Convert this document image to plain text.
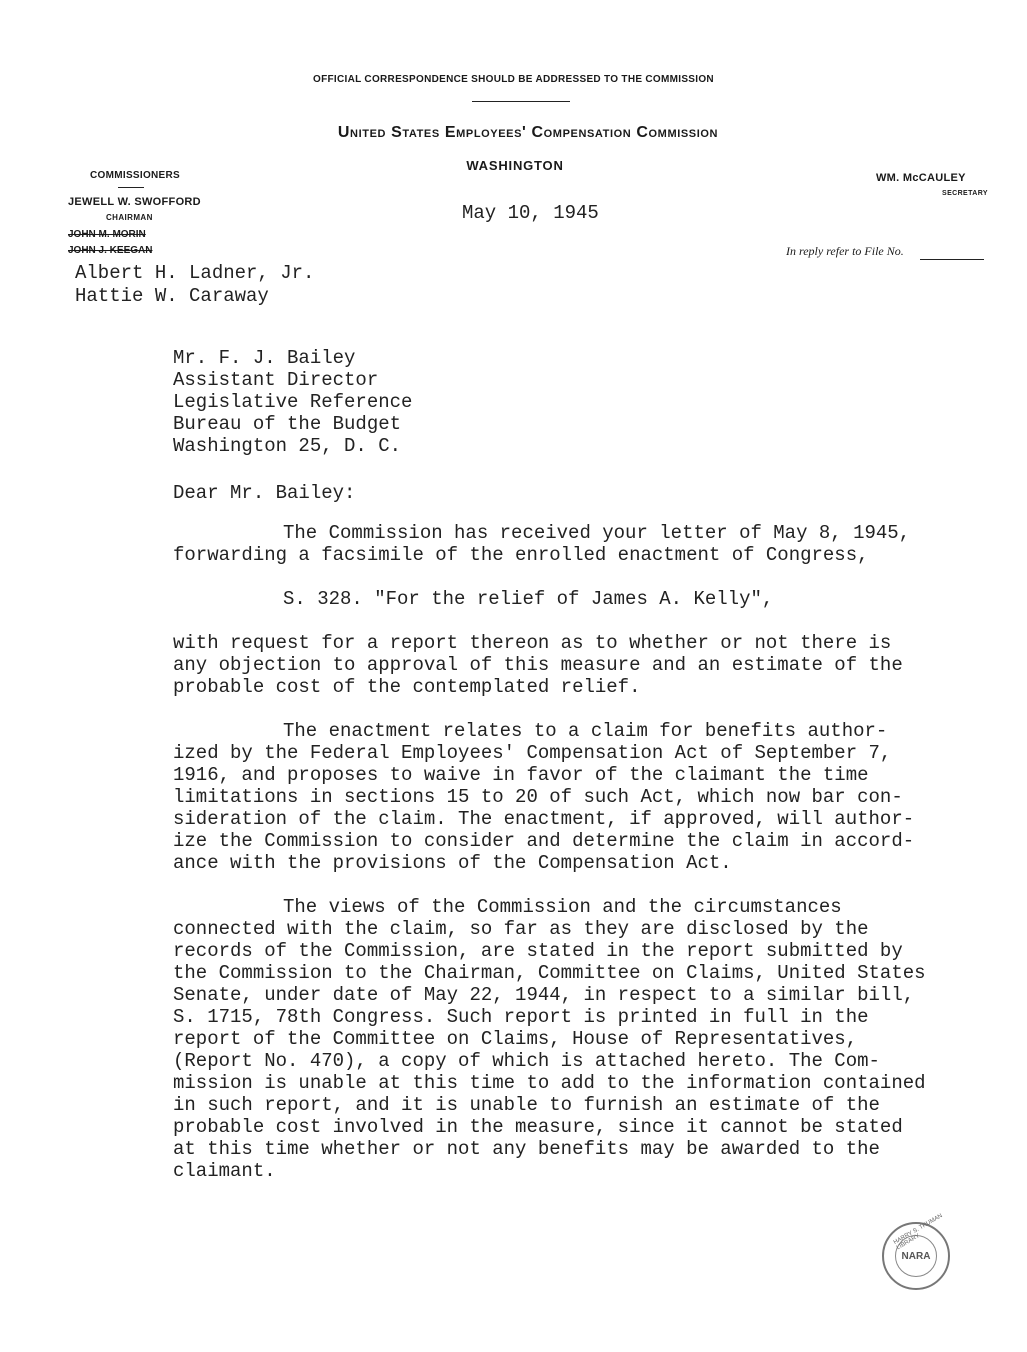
OFFICIAL CORRESPONDENCE SHOULD BE ADDRESSED TO THE COMMISSION
United States Employees' Compensation Commission
WASHINGTON
COMMISSIONERS
JEWELL W. SWOFFORD
CHAIRMAN
JOHN M. MORIN
JOHN J. KEEGAN
Albert H. Ladner, Jr.
Hattie W. Caraway
May 10, 1945
WM. McCAULEY
SECRETARY
In reply refer to File No.
Mr. F. J. Bailey
Assistant Director
Legislative Reference
Bureau of the Budget
Washington 25, D. C.
Dear Mr. Bailey:
The Commission has received your letter of May 8, 1945,
forwarding a facsimile of the enrolled enactment of Congress,
S. 328. "For the relief of James A. Kelly",
with request for a report thereon as to whether or not there is
any objection to approval of this measure and an estimate of the
probable cost of the contemplated relief.
The enactment relates to a claim for benefits author-
ized by the Federal Employees' Compensation Act of September 7,
1916, and proposes to waive in favor of the claimant the time
limitations in sections 15 to 20 of such Act, which now bar con-
sideration of the claim. The enactment, if approved, will author-
ize the Commission to consider and determine the claim in accord-
ance with the provisions of the Compensation Act.
The views of the Commission and the circumstances
connected with the claim, so far as they are disclosed by the
records of the Commission, are stated in the report submitted by
the Commission to the Chairman, Committee on Claims, United States
Senate, under date of May 22, 1944, in respect to a similar bill,
S. 1715, 78th Congress. Such report is printed in full in the
report of the Committee on Claims, House of Representatives,
(Report No. 470), a copy of which is attached hereto. The Com-
mission is unable at this time to add to the information contained
in such report, and it is unable to furnish an estimate of the
probable cost involved in the measure, since it cannot be stated
at this time whether or not any benefits may be awarded to the
claimant.
HARRY S. TRUMAN LIBRARY
NARA
